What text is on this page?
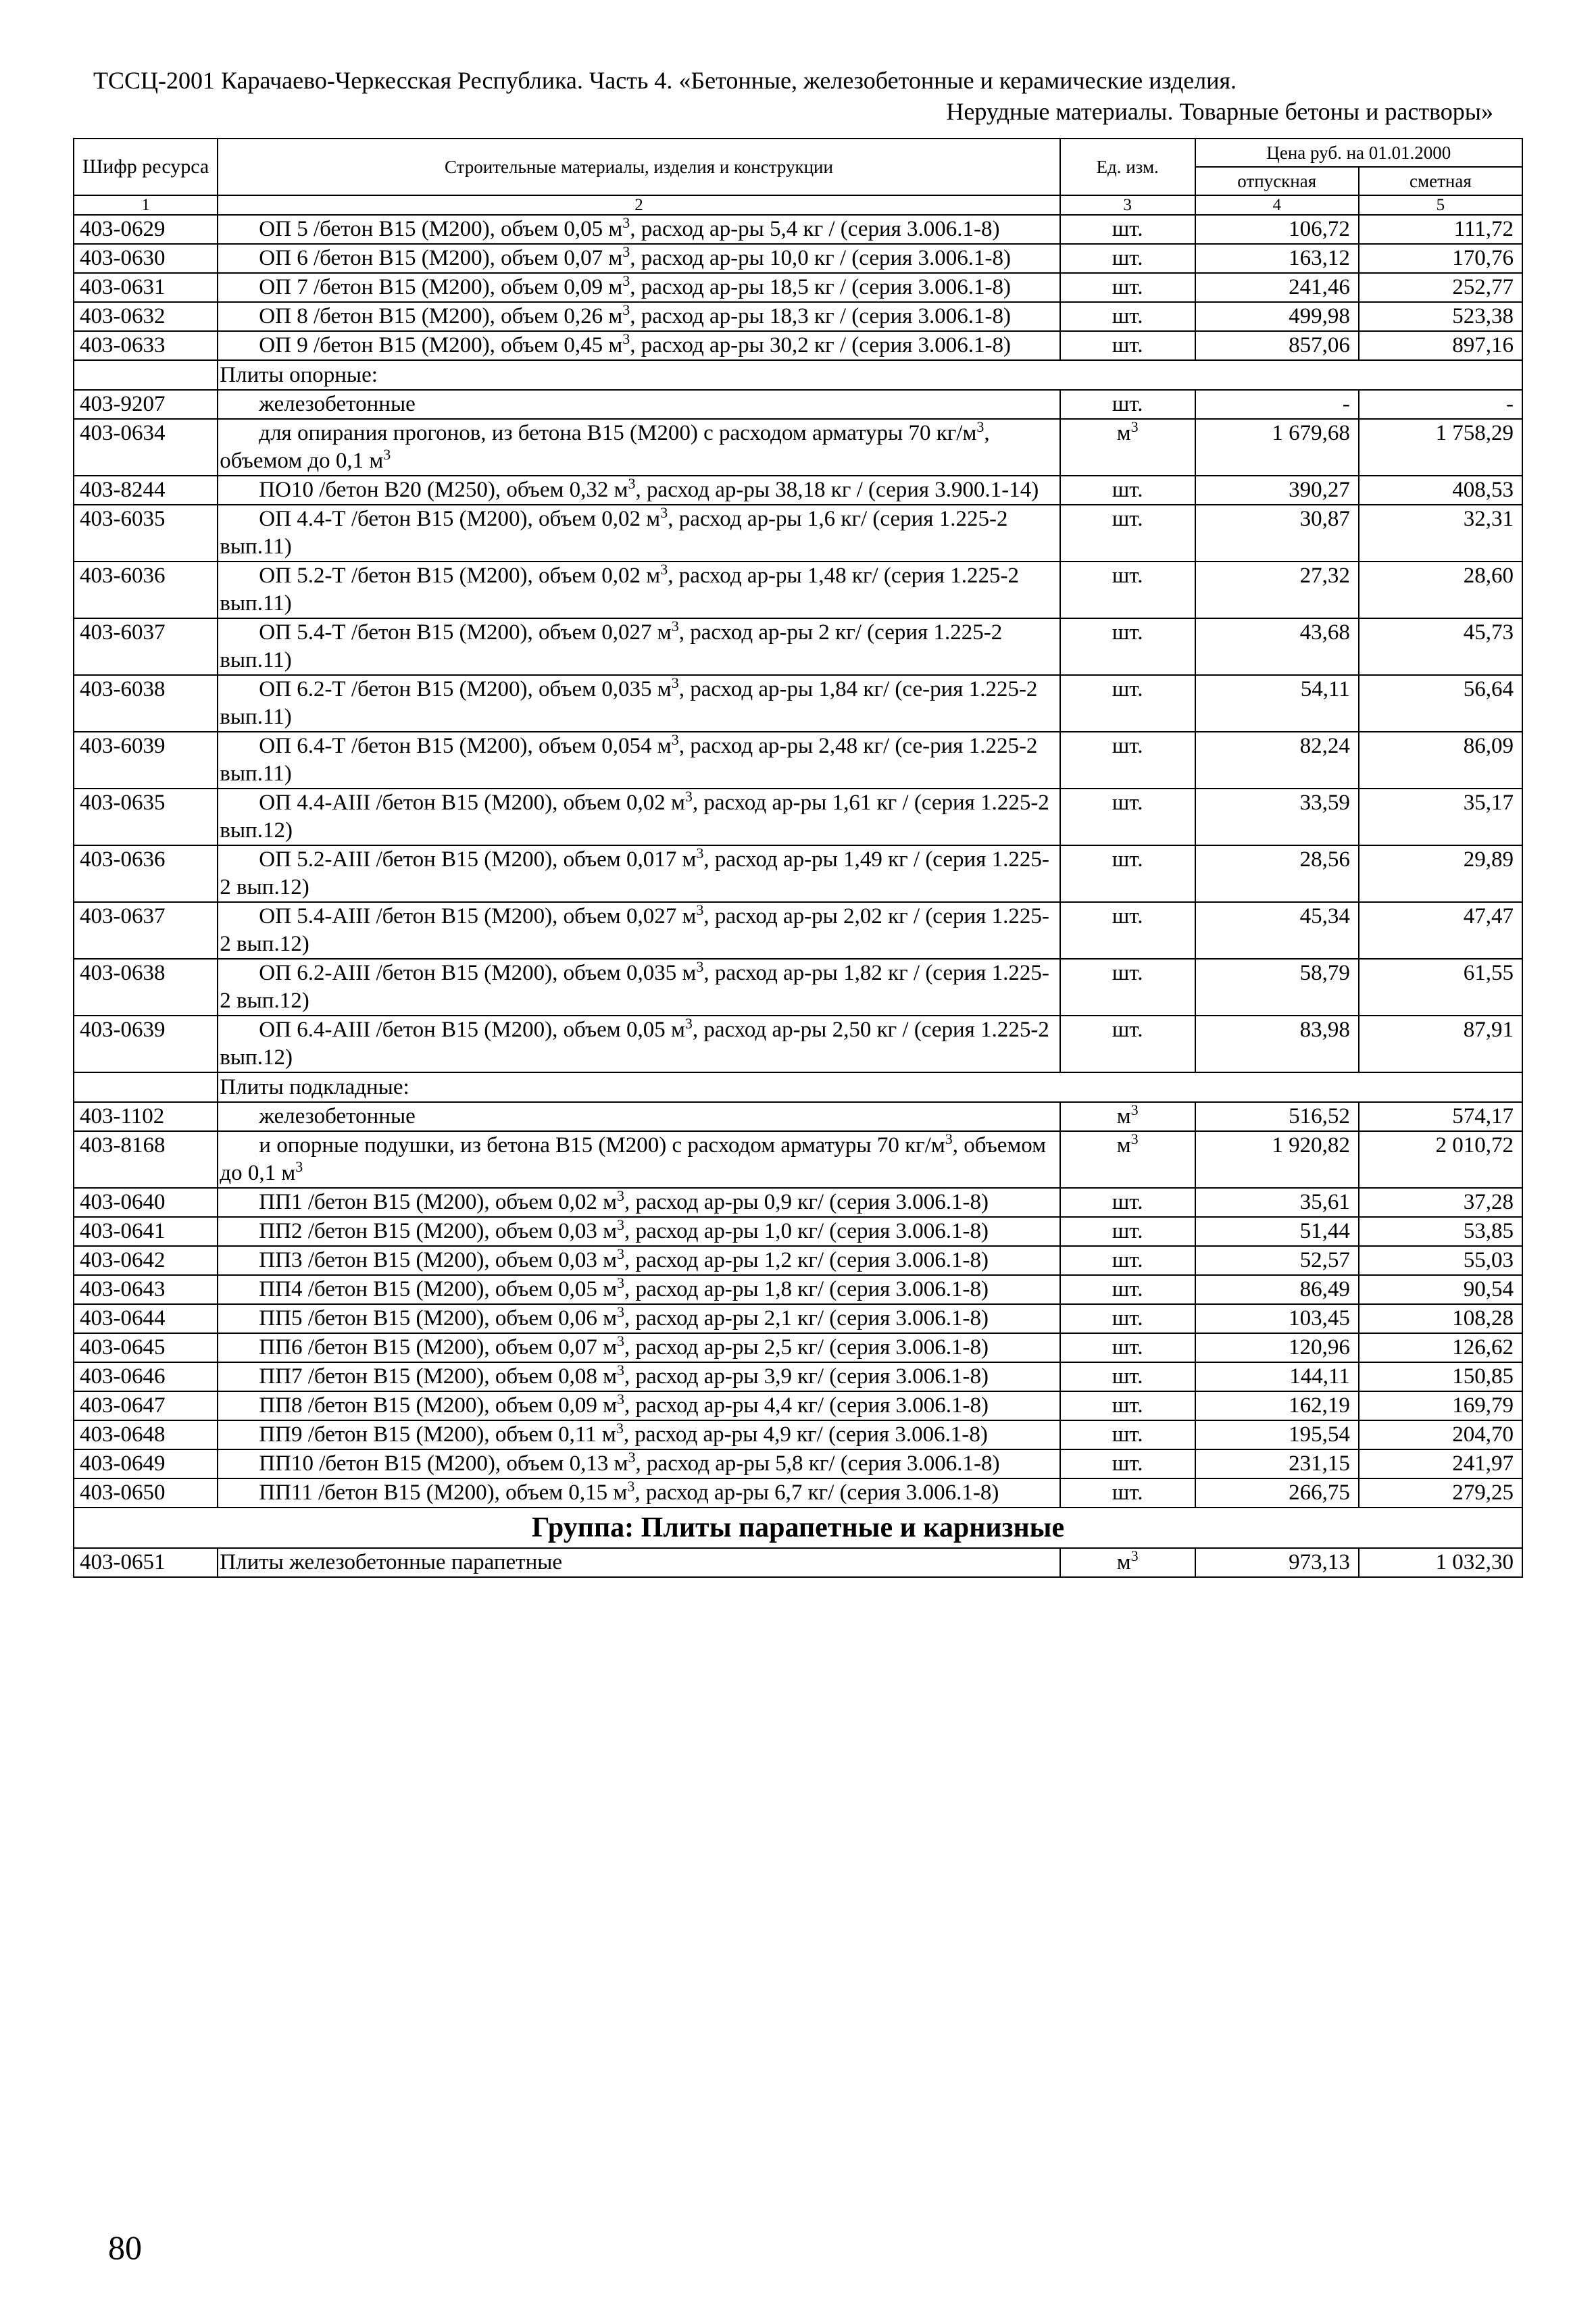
ТССЦ-2001 Карачаево-Черкесская Республика. Часть 4. «Бетонные, железобетонные и керамические изделия.
Нерудные материалы. Товарные бетоны и растворы»
Шифр ресурса	Строительные материалы, изделия и конструкции	Ед. изм.	Цена руб. на 01.01.2000	
			отпускная	сметная
1	2	3	4	5
403-0629	ОП 5 /бетон В15 (М200), объем 0,05 $м^3$, расход ар-ры 5,4 кг / (серия 3.006.1-8)	шт.	106,72	111,72
403-0630	ОП 6 /бетон В15 (М200), объем 0,07 $м^3$, расход ар-ры 10,0 кг / (серия 3.006.1-8)	шт.	163,12	170,76
403-0631	ОП 7 /бетон В15 (М200), объем 0,09 $м^3$, расход ар-ры 18,5 кг / (серия 3.006.1-8)	шт.	241,46	252,77
403-0632	ОП 8 /бетон В15 (М200), объем 0,26 $м^3$, расход ар-ры 18,3 кг / (серия 3.006.1-8)	шт.	499,98	523,38
403-0633	ОП 9 /бетон В15 (М200), объем 0,45 $м^3$, расход ар-ры 30,2 кг / (серия 3.006.1-8)	шт.	857,06	897,16
	Плиты опорные:			
403-9207	железобетонные	шт.	-	-
403-0634	для опирания прогонов, из бетона В15 (М200) с расходом арматуры 70 $кг/м^3$, объемом до 0,1 $м^3$	$м^3$	1 679,68	1 758,29
403-8244	ПО10 /бетон В20 (М250), объем 0,32 $м^3$, расход ар-ры 38,18 кг / (серия 3.900.1-14)	шт.	390,27	408,53
403-6035	ОП 4.4-Т /бетон В15 (М200), объем 0,02 $м^3$, расход ар-ры 1,6 кг/ (серия 1.225-2 вып.11)	шт.	30,87	32,31
403-6036	ОП 5.2-Т /бетон В15 (М200), объем 0,02 $м^3$, расход ар-ры 1,48 кг/ (серия 1.225-2 вып.11)	шт.	27,32	28,60
403-6037	ОП 5.4-Т /бетон В15 (М200), объем 0,027 $м^3$, расход ар-ры 2 кг/ (серия 1.225-2 вып.11)	шт.	43,68	45,73
403-6038	ОП 6.2-Т /бетон В15 (М200), объем 0,035 $м^3$, расход ар-ры 1,84 кг/ (се-рия 1.225-2 вып.11)	шт.	54,11	56,64
403-6039	ОП 6.4-Т /бетон В15 (М200), объем 0,054 $м^3$, расход ар-ры 2,48 кг/ (се-рия 1.225-2 вып.11)	шт.	82,24	86,09
403-0635	ОП 4.4-АIII /бетон В15 (М200), объем 0,02 $м^3$, расход ар-ры 1,61 кг / (серия 1.225-2 вып.12)	шт.	33,59	35,17
403-0636	ОП 5.2-АIII /бетон В15 (М200), объем 0,017 $м^3$, расход ар-ры 1,49 кг / (серия 1.225-2 вып.12)	шт.	28,56	29,89
403-0637	ОП 5.4-АIII /бетон В15 (М200), объем 0,027 $м^3$, расход ар-ры 2,02 кг / (серия 1.225-2 вып.12)	шт.	45,34	47,47
403-0638	ОП 6.2-АIII /бетон В15 (М200), объем 0,035 $м^3$, расход ар-ры 1,82 кг / (серия 1.225-2 вып.12)	шт.	58,79	61,55
403-0639	ОП 6.4-АIII /бетон В15 (М200), объем 0,05 $м^3$, расход ар-ры 2,50 кг / (серия 1.225-2 вып.12)	шт.	83,98	87,91
	Плиты подкладные:			
403-1102	железобетонные	$м^3$	516,52	574,17
403-8168	и опорные подушки, из бетона В15 (М200) с расходом арматуры 70 $кг/м^3$, объемом до 0,1 $м^3$	$м^3$	1 920,82	2 010,72
403-0640	ПП1 /бетон В15 (М200), объем 0,02 $м^3$, расход ар-ры 0,9 кг/ (серия 3.006.1-8)	шт.	35,61	37,28
403-0641	ПП2 /бетон В15 (М200), объем 0,03 $м^3$, расход ар-ры 1,0 кг/ (серия 3.006.1-8)	шт.	51,44	53,85
403-0642	ПП3 /бетон В15 (М200), объем 0,03 $м^3$, расход ар-ры 1,2 кг/ (серия 3.006.1-8)	шт.	52,57	55,03
403-0643	ПП4 /бетон В15 (М200), объем 0,05 $м^3$, расход ар-ры 1,8 кг/ (серия 3.006.1-8)	шт.	86,49	90,54
403-0644	ПП5 /бетон В15 (М200), объем 0,06 $м^3$, расход ар-ры 2,1 кг/ (серия 3.006.1-8)	шт.	103,45	108,28
403-0645	ПП6 /бетон В15 (М200), объем 0,07 $м^3$, расход ар-ры 2,5 кг/ (серия 3.006.1-8)	шт.	120,96	126,62
403-0646	ПП7 /бетон В15 (М200), объем 0,08 $м^3$, расход ар-ры 3,9 кг/ (серия 3.006.1-8)	шт.	144,11	150,85
403-0647	ПП8 /бетон В15 (М200), объем 0,09 $м^3$, расход ар-ры 4,4 кг/ (серия 3.006.1-8)	шт.	162,19	169,79
403-0648	ПП9 /бетон В15 (М200), объем 0,11 $м^3$, расход ар-ры 4,9 кг/ (серия 3.006.1-8)	шт.	195,54	204,70
403-0649	ПП10 /бетон В15 (М200), объем 0,13 $м^3$, расход ар-ры 5,8 кг/ (серия 3.006.1-8)	шт.	231,15	241,97
403-0650	ПП11 /бетон В15 (М200), объем 0,15 $м^3$, расход ар-ры 6,7 кг/ (серия 3.006.1-8)	шт.	266,75	279,25
Группа: Плиты парапетные и карнизные				
403-0651	Плиты железобетонные парапетные	$м^3$	973,13	1 032,30
80
